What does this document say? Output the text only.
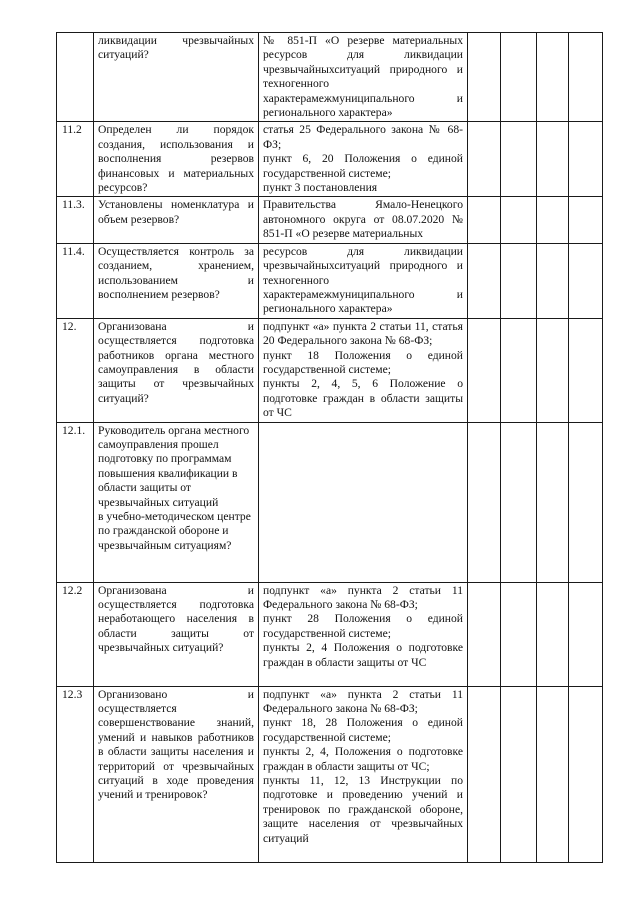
	ликвидации чрезвычайных ситуаций?	№ 851-П «О резерве материальных ресурсов для ликвидации чрезвычайныхситуаций природного и техногенного характерамежмуниципального и регионального характера»				
11.2	Определен ли порядок создания, использования и восполнения резервов финансовых и материальных ресурсов?	статья 25 Федерального закона № 68-ФЗ;
пункт 6, 20 Положения о единой государственной системе;
пункт 3 постановления				
11.3.	Установлены номенклатура и объем резервов?	Правительства Ямало-Ненецкого автономного округа от 08.07.2020 № 851-П «О резерве материальных				
11.4.	Осуществляется контроль за созданием, хранением, использованием и восполнением резервов?	ресурсов для ликвидации чрезвычайныхситуаций природного и техногенного характерамежмуниципального и регионального характера»				
12.	Организована и осуществляется подготовка работников органа местного самоуправления в области защиты от чрезвычайных ситуаций?	подпункт «а» пункта 2 статьи 11, статья 20 Федерального закона № 68-ФЗ;
пункт 18 Положения о единой государственной системе;
пункты 2, 4, 5, 6 Положение о подготовке граждан в области защиты от ЧС				
12.1.	Руководитель органа местного самоуправления прошел подготовку по программам повышения квалификации в области защиты от чрезвычайных ситуаций
в учебно-методическом центре по гражданской обороне и чрезвычайным ситуациям?					
12.2	Организована и осуществляется подготовка неработающего населения в области защиты от чрезвычайных ситуаций?	подпункт «а» пункта 2 статьи 11 Федерального закона № 68-ФЗ;
пункт 28 Положения о единой государственной системе;
пункты 2, 4 Положения о подготовке граждан в области защиты от ЧС				
12.3	Организовано и осуществляется совершенствование знаний, умений и навыков работников в области защиты населения и территорий от чрезвычайных ситуаций в ходе проведения учений и тренировок?	подпункт «а» пункта 2 статьи 11 Федерального закона № 68-ФЗ;
пункт 18, 28 Положения о единой государственной системе;
пункты 2, 4, Положения о подготовке граждан в области защиты от ЧС;
пункты 11, 12, 13 Инструкции по подготовке и проведению учений и тренировок по гражданской обороне, защите населения от чрезвычайных ситуаций				
